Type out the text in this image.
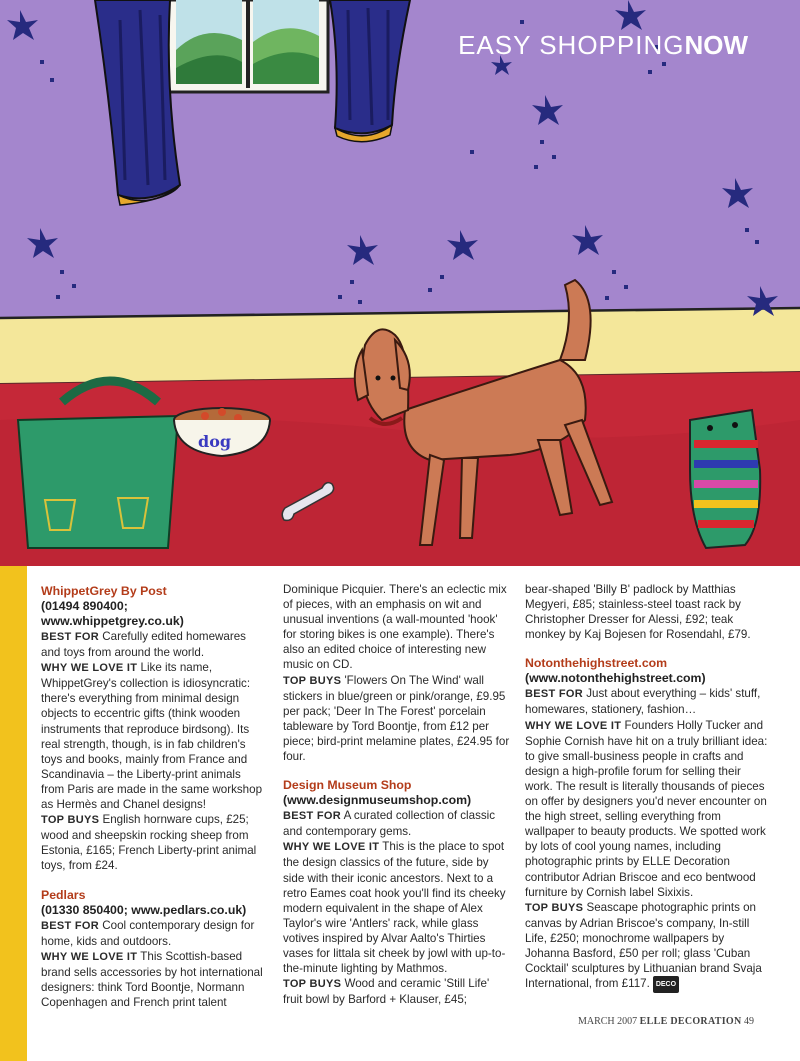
dog
EASY SHOPPINGNOW

WhippetGrey By Post

(01494 890400; www.whippetgrey.co.uk)

BEST FOR Carefully edited homewares and toys from around the world.

WHY WE LOVE IT Like its name, WhippetGrey's collection is idiosyncratic: there's everything from minimal design objects to eccentric gifts (think wooden instruments that reproduce birdsong). Its real strength, though, is in fab children's toys and books, mainly from France and Scandinavia – the Liberty-print animals from Paris are made in the same workshop as Hermès and Chanel designs!

TOP BUYS English hornware cups, £25; wood and sheepskin rocking sheep from Estonia, £165; French Liberty-print animal toys, from £24.

Pedlars

(01330 850400; www.pedlars.co.uk)

BEST FOR Cool contemporary design for home, kids and outdoors.

WHY WE LOVE IT This Scottish-based brand sells accessories by hot international designers: think Tord Boontje, Normann Copenhagen and French print talent

Dominique Picquier. There's an eclectic mix of pieces, with an emphasis on wit and unusual inventions (a wall-mounted 'hook' for storing bikes is one example). There's also an edited choice of interesting new music on CD.

TOP BUYS 'Flowers On The Wind' wall stickers in blue/green or pink/orange, £9.95 per pack; 'Deer In The Forest' porcelain tableware by Tord Boontje, from £12 per piece; bird-print melamine plates, £24.95 for four.

Design Museum Shop

(www.designmuseumshop.com)

BEST FOR A curated collection of classic and contemporary gems.

WHY WE LOVE IT This is the place to spot the design classics of the future, side by side with their iconic ancestors. Next to a retro Eames coat hook you'll find its cheeky modern equivalent in the shape of Alex Taylor's wire 'Antlers' rack, while glass votives inspired by Alvar Aalto's Thirties vases for littala sit cheek by jowl with up-to-the-minute lighting by Mathmos.

TOP BUYS Wood and ceramic 'Still Life' fruit bowl by Barford + Klauser, £45;

bear-shaped 'Billy B' padlock by Matthias Megyeri, £85; stainless-steel toast rack by Christopher Dresser for Alessi, £92; teak monkey by Kaj Bojesen for Rosendahl, £79.

Notonthehighstreet.com

(www.notonthehighstreet.com)

BEST FOR Just about everything – kids' stuff, homewares, stationery, fashion…

WHY WE LOVE IT Founders Holly Tucker and Sophie Cornish have hit on a truly brilliant idea: to give small-business people in crafts and design a high-profile forum for selling their work. The result is literally thousands of pieces on offer by designers you'd never encounter on the high street, selling everything from wallpaper to beauty products. We spotted work by lots of cool young names, including photographic prints by ELLE Decoration contributor Adrian Briscoe and eco bentwood furniture by Cornish label Sixixis.

TOP BUYS Seascape photographic prints on canvas by Adrian Briscoe's company, In-still Life, £250; monochrome wallpapers by Johanna Basford, £50 per roll; glass 'Cuban Cocktail' sculptures by Lithuanian brand Svaja International, from £117. DECO

MARCH 2007 ELLE DECORATION 49
